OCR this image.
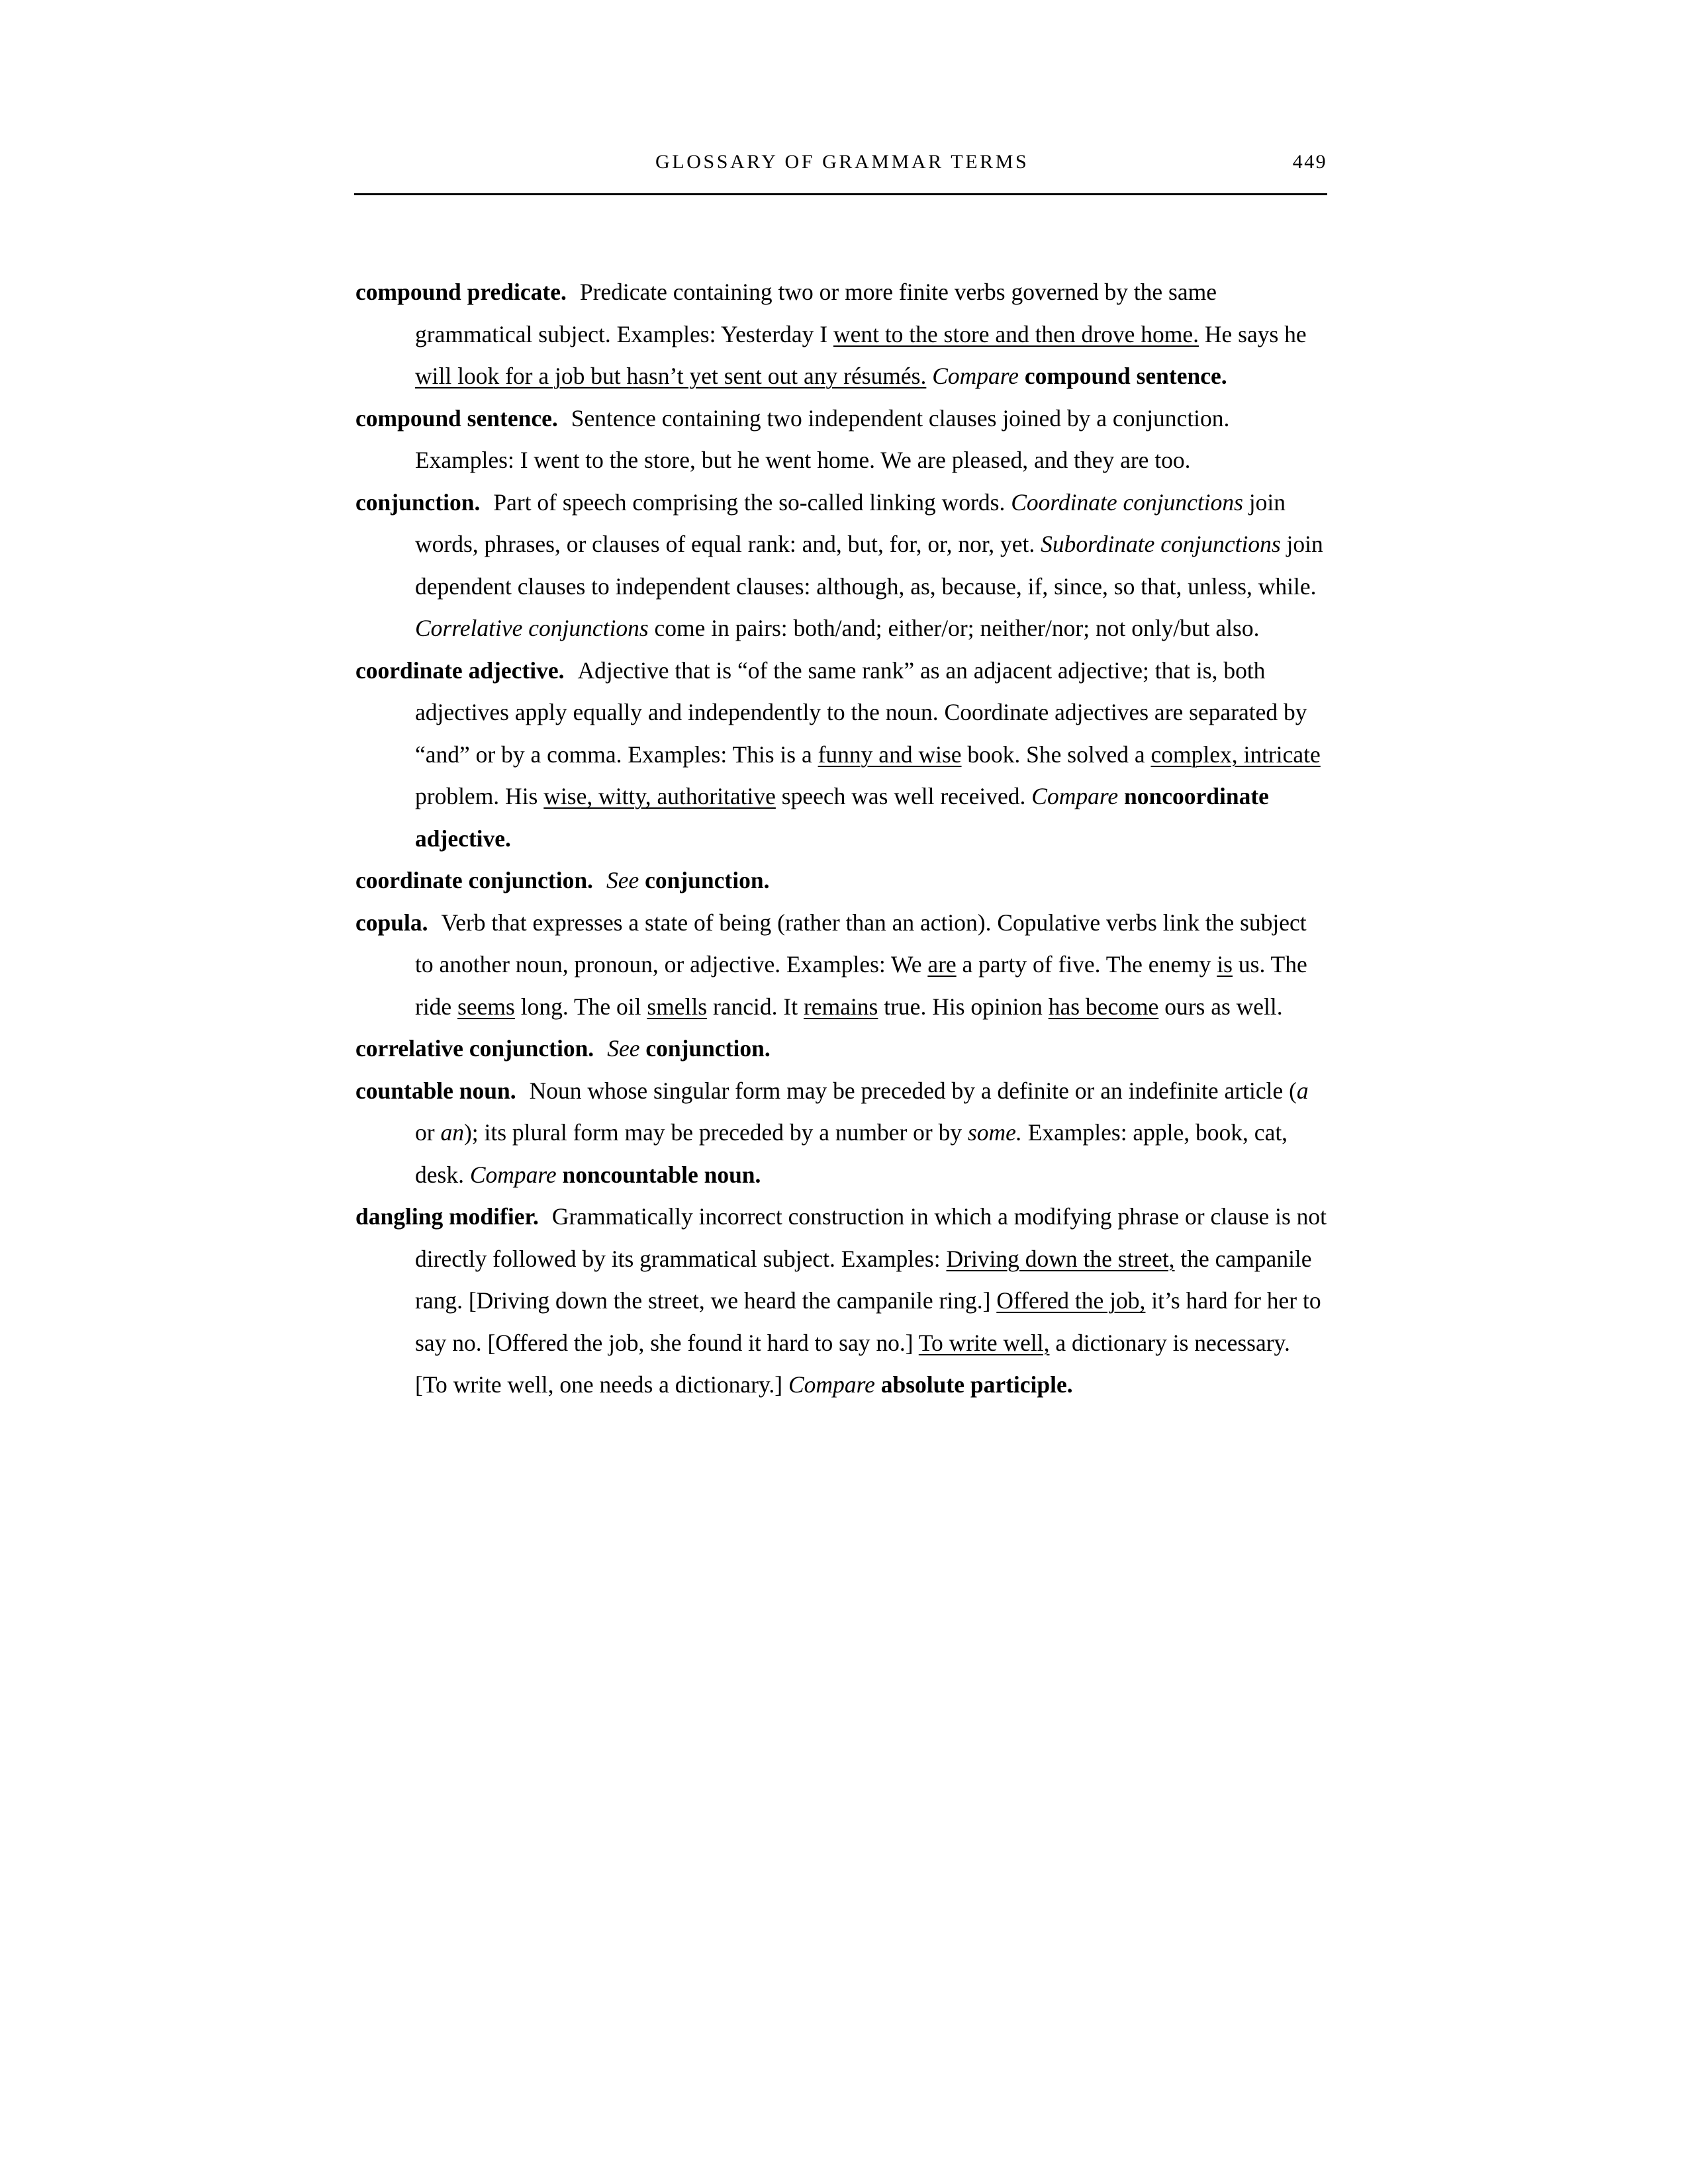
GLOSSARY OF GRAMMAR TERMS	449

compound predicate. Predicate containing two or more finite verbs governed by the same grammatical subject. Examples: Yesterday I went to the store and then drove home. He says he will look for a job but hasn’t yet sent out any résumés. Compare compound sentence.

compound sentence. Sentence containing two independent clauses joined by a conjunction. Examples: I went to the store, but he went home. We are pleased, and they are too.

conjunction. Part of speech comprising the so-called linking words. Coordinate conjunctions join words, phrases, or clauses of equal rank: and, but, for, or, nor, yet. Subordinate conjunctions join dependent clauses to independent clauses: although, as, because, if, since, so that, unless, while. Correlative conjunctions come in pairs: both/and; either/or; neither/nor; not only/but also.

coordinate adjective. Adjective that is “of the same rank” as an adjacent adjective; that is, both adjectives apply equally and independently to the noun. Coordinate adjectives are separated by “and” or by a comma. Examples: This is a funny and wise book. She solved a complex, intricate problem. His wise, witty, authoritative speech was well received. Compare noncoordinate adjective.

coordinate conjunction. See conjunction.

copula. Verb that expresses a state of being (rather than an action). Copulative verbs link the subject to another noun, pronoun, or adjective. Examples: We are a party of five. The enemy is us. The ride seems long. The oil smells rancid. It remains true. His opinion has become ours as well.

correlative conjunction. See conjunction.

countable noun. Noun whose singular form may be preceded by a definite or an indefinite article (a or an); its plural form may be preceded by a number or by some. Examples: apple, book, cat, desk. Compare noncountable noun.

dangling modifier. Grammatically incorrect construction in which a modifying phrase or clause is not directly followed by its grammatical subject. Examples: Driving down the street, the campanile rang. [Driving down the street, we heard the campanile ring.] Offered the job, it’s hard for her to say no. [Offered the job, she found it hard to say no.] To write well, a dictionary is necessary. [To write well, one needs a dictionary.] Compare absolute participle.
